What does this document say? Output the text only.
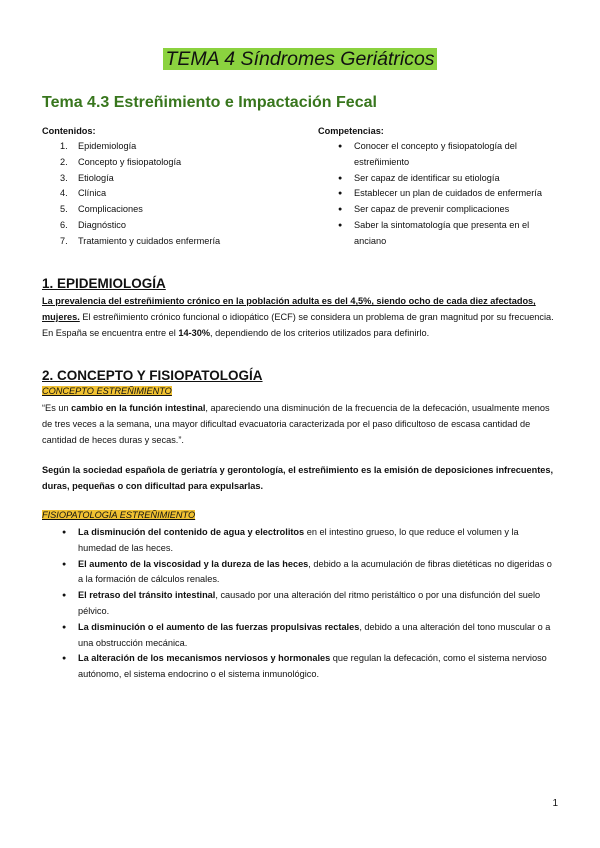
TEMA 4 Síndromes Geriátricos
Tema 4.3 Estreñimiento e Impactación Fecal
Contenidos:
1. Epidemiología
2. Concepto y fisiopatología
3. Etiología
4. Clínica
5. Complicaciones
6. Diagnóstico
7. Tratamiento y cuidados enfermería
Competencias:
● Conocer el concepto y fisiopatología del estreñimiento
● Ser capaz de identificar su etiología
● Establecer un plan de cuidados de enfermería
● Ser capaz de prevenir complicaciones
● Saber la sintomatología que presenta en el anciano
1. EPIDEMIOLOGÍA
La prevalencia del estreñimiento crónico en la población adulta es del 4,5%, siendo ocho de cada diez afectados, mujeres. El estreñimiento crónico funcional o idiopático (ECF) se considera un problema de gran magnitud por su frecuencia.
En España se encuentra entre el 14-30%, dependiendo de los criterios utilizados para definirlo.
2. CONCEPTO Y FISIOPATOLOGÍA
CONCEPTO ESTREÑIMIENTO
“Es un cambio en la función intestinal, apareciendo una disminución de la frecuencia de la defecación, usualmente menos de tres veces a la semana, una mayor dificultad evacuatoria caracterizada por el paso dificultoso de escasa cantidad de cantidad de heces duras y secas.”.
Según la sociedad española de geriatría y gerontología, el estreñimiento es la emisión de deposiciones infrecuentes, duras, pequeñas o con dificultad para expulsarlas.
FISIOPATOLOGÍA ESTREÑIMIENTO
● La disminución del contenido de agua y electrolitos en el intestino grueso, lo que reduce el volumen y la humedad de las heces.
● El aumento de la viscosidad y la dureza de las heces, debido a la acumulación de fibras dietéticas no digeridas o a la formación de cálculos renales.
● El retraso del tránsito intestinal, causado por una alteración del ritmo peristáltico o por una disfunción del suelo pélvico.
● La disminución o el aumento de las fuerzas propulsivas rectales, debido a una alteración del tono muscular o a una obstrucción mecánica.
● La alteración de los mecanismos nerviosos y hormonales que regulan la defecación, como el sistema nervioso autónomo, el sistema endocrino o el sistema inmunológico.
1
